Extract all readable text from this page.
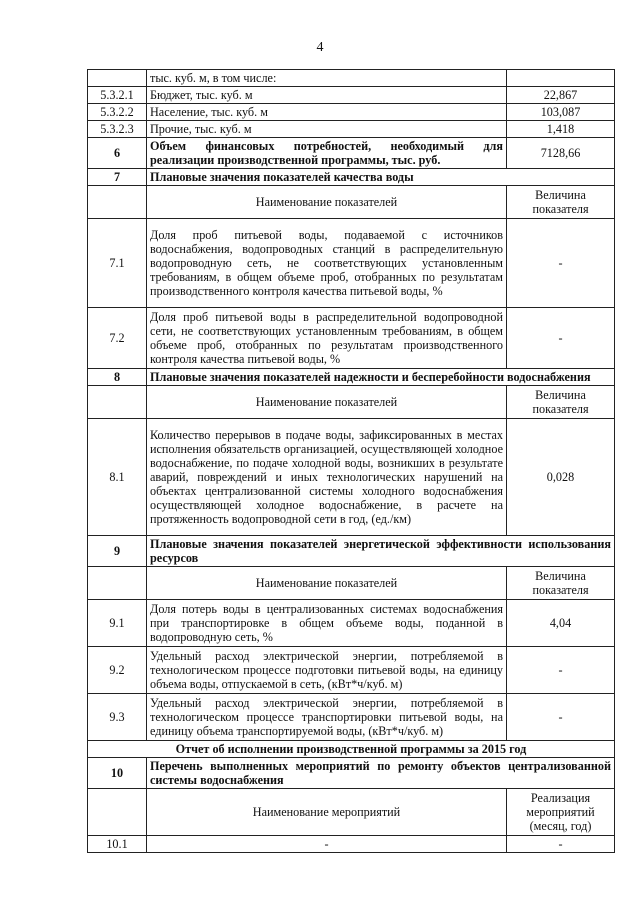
4
	тыс. куб. м, в том числе:	
5.3.2.1	Бюджет, тыс. куб. м	22,867
5.3.2.2	Население, тыс. куб. м	103,087
5.3.2.3	Прочие, тыс. куб. м	1,418
6	Объем финансовых потребностей, необходимый для реализации производственной программы, тыс. руб.	7128,66
7	Плановые значения показателей качества воды	
	Наименование показателей	Величина показателя
7.1	Доля проб питьевой воды, подаваемой с источников водоснабжения, водопроводных станций в распределительную водопроводную сеть, не соответствующих установленным требованиям, в общем объеме проб, отобранных по результатам производственного контроля качества питьевой воды, %	-
7.2	Доля проб питьевой воды в распределительной водопроводной сети, не соответствующих установленным требованиям, в общем объеме проб, отобранных по результатам производственного контроля качества питьевой воды, %	-
8	Плановые значения показателей надежности и бесперебойности водоснабжения	
	Наименование показателей	Величина показателя
8.1	Количество перерывов в подаче воды, зафиксированных в местах исполнения обязательств организацией, осуществляющей холодное водоснабжение, по подаче холодной воды, возникших в результате аварий, повреждений и иных технологических нарушений на объектах централизованной системы холодного водоснабжения осуществляющей холодное водоснабжение, в расчете на протяженность водопроводной сети в год, (ед./км)	0,028
9	Плановые значения показателей энергетической эффективности использования ресурсов	
	Наименование показателей	Величина показателя
9.1	Доля потерь воды в централизованных системах водоснабжения при транспортировке в общем объеме воды, поданной в водопроводную сеть, %	4,04
9.2	Удельный расход электрической энергии, потребляемой в технологическом процессе подготовки питьевой воды, на единицу объема воды, отпускаемой в сеть, (кВт*ч/куб. м)	-
9.3	Удельный расход электрической энергии, потребляемой в технологическом процессе транспортировки питьевой воды, на единицу объема транспортируемой воды, (кВт*ч/куб. м)	-
Отчет об исполнении производственной программы за 2015 год		
10	Перечень выполненных мероприятий по ремонту объектов централизованной системы водоснабжения	
	Наименование мероприятий	Реализация мероприятий (месяц, год)
10.1	-	-
